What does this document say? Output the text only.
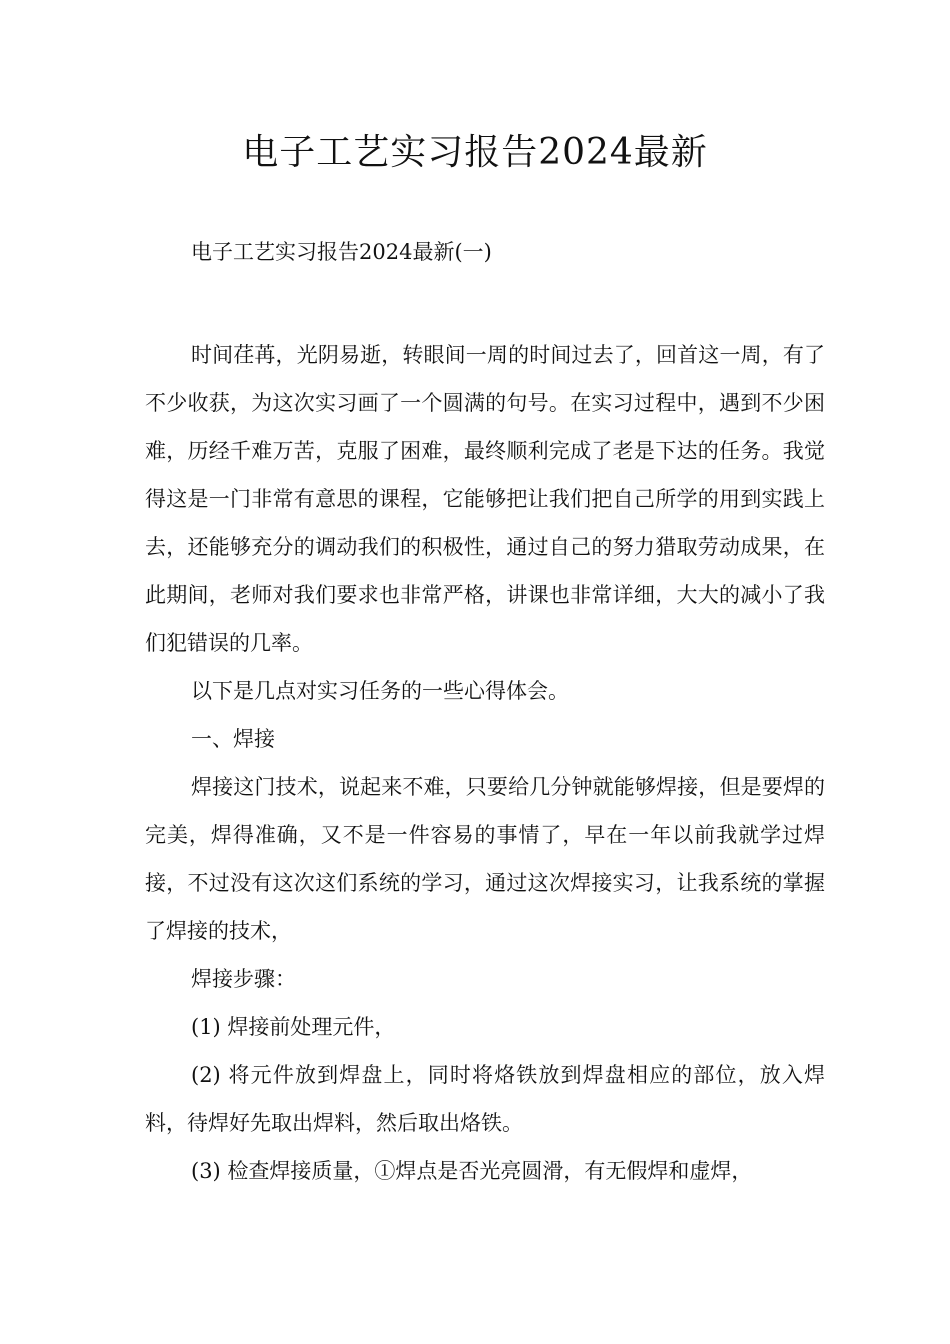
电子工艺实习报告2024最新

电子工艺实习报告2024最新(一)

时间荏苒，光阴易逝，转眼间一周的时间过去了，回首这一周，有了不少收获，为这次实习画了一个圆满的句号。在实习过程中，遇到不少困难，历经千难万苦，克服了困难，最终顺利完成了老是下达的任务。我觉得这是一门非常有意思的课程，它能够把让我们把自己所学的用到实践上去，还能够充分的调动我们的积极性，通过自己的努力猎取劳动成果，在此期间，老师对我们要求也非常严格，讲课也非常详细，大大的减小了我们犯错误的几率。

以下是几点对实习任务的一些心得体会。

一、焊接

焊接这门技术，说起来不难，只要给几分钟就能够焊接，但是要焊的完美，焊得准确，又不是一件容易的事情了，早在一年以前我就学过焊接，不过没有这次这们系统的学习，通过这次焊接实习，让我系统的掌握了焊接的技术，

焊接步骤：

(1) 焊接前处理元件，

(2) 将元件放到焊盘上，同时将烙铁放到焊盘相应的部位，放入焊料，待焊好先取出焊料，然后取出烙铁。

(3) 检查焊接质量，①焊点是否光亮圆滑，有无假焊和虚焊，
